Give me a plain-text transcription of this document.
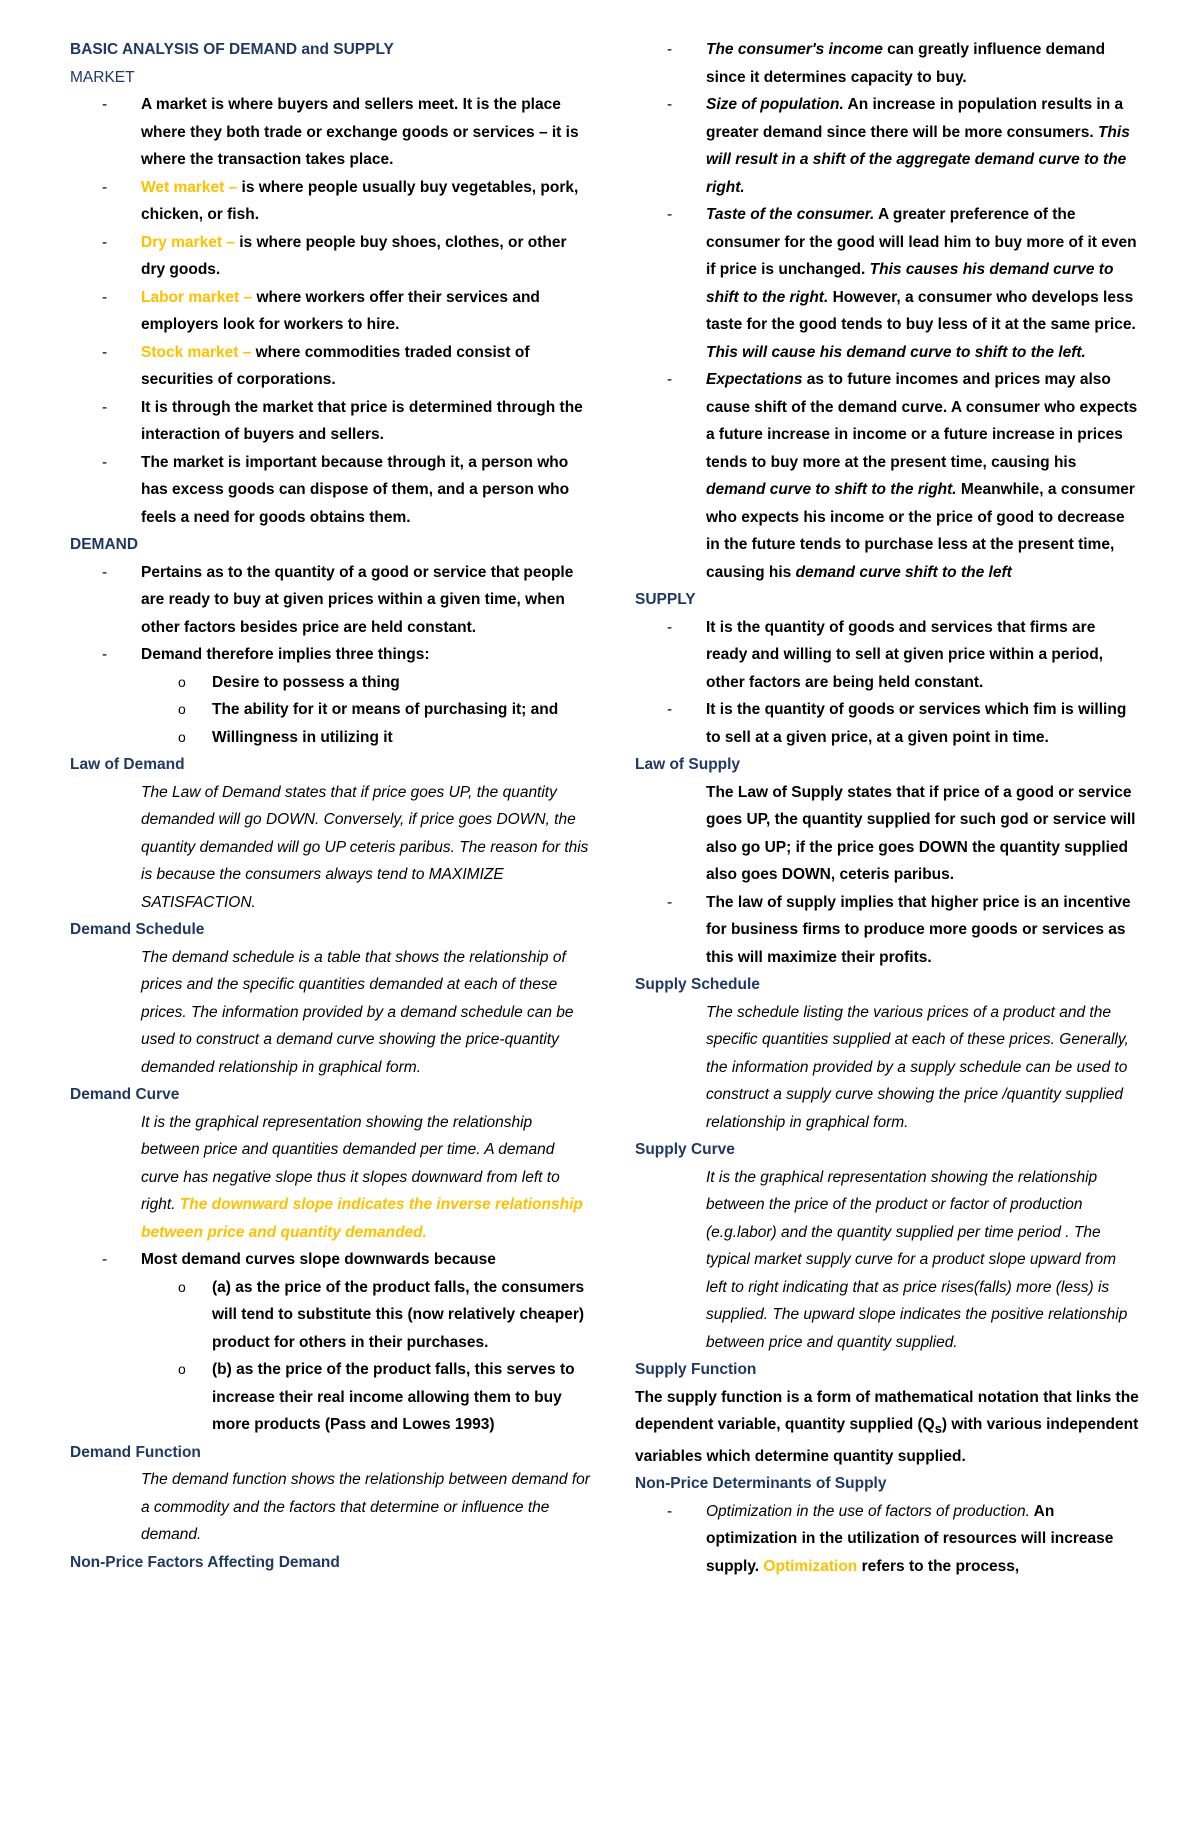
BASIC ANALYSIS OF DEMAND and SUPPLY
MARKET
- A market is where buyers and sellers meet. It is the place where they both trade or exchange goods or services – it is where the transaction takes place.
- Wet market – is where people usually buy vegetables, pork, chicken, or fish.
- Dry market – is where people buy shoes, clothes, or other dry goods.
- Labor market – where workers offer their services and employers look for workers to hire.
- Stock market – where commodities traded consist of securities of corporations.
- It is through the market that price is determined through the interaction of buyers and sellers.
- The market is important because through it, a person who has excess goods can dispose of them, and a person who feels a need for goods obtains them.
DEMAND
- Pertains as to the quantity of a good or service that people are ready to buy at given prices within a given time, when other factors besides price are held constant.
- Demand therefore implies three things:
o Desire to possess a thing
o The ability for it or means of purchasing it; and
o Willingness in utilizing it
Law of Demand
The Law of Demand states that if price goes UP, the quantity demanded will go DOWN. Conversely, if price goes DOWN, the quantity demanded will go UP ceteris paribus. The reason for this is because the consumers always tend to MAXIMIZE SATISFACTION.
Demand Schedule
The demand schedule is a table that shows the relationship of prices and the specific quantities demanded at each of these prices. The information provided by a demand schedule can be used to construct a demand curve showing the price-quantity demanded relationship in graphical form.
Demand Curve
It is the graphical representation showing the relationship between price and quantities demanded per time. A demand curve has negative slope thus it slopes downward from left to right. The downward slope indicates the inverse relationship between price and quantity demanded.
- Most demand curves slope downwards because
o (a) as the price of the product falls, the consumers will tend to substitute this (now relatively cheaper) product for others in their purchases.
o (b) as the price of the product falls, this serves to increase their real income allowing them to buy more products (Pass and Lowes 1993)
Demand Function
The demand function shows the relationship between demand for a commodity and the factors that determine or influence the demand.
Non-Price Factors Affecting Demand
- The consumer's income can greatly influence demand since it determines capacity to buy.
- Size of population. An increase in population results in a greater demand since there will be more consumers. This will result in a shift of the aggregate demand curve to the right.
- Taste of the consumer. A greater preference of the consumer for the good will lead him to buy more of it even if price is unchanged. This causes his demand curve to shift to the right. However, a consumer who develops less taste for the good tends to buy less of it at the same price. This will cause his demand curve to shift to the left.
- Expectations as to future incomes and prices may also cause shift of the demand curve. A consumer who expects a future increase in income or a future increase in prices tends to buy more at the present time, causing his demand curve to shift to the right. Meanwhile, a consumer who expects his income or the price of good to decrease in the future tends to purchase less at the present time, causing his demand curve shift to the left
SUPPLY
- It is the quantity of goods and services that firms are ready and willing to sell at given price within a period, other factors are being held constant.
- It is the quantity of goods or services which fim is willing to sell at a given price, at a given point in time.
Law of Supply
The Law of Supply states that if price of a good or service goes UP, the quantity supplied for such god or service will also go UP; if the price goes DOWN the quantity supplied also goes DOWN, ceteris paribus.
- The law of supply implies that higher price is an incentive for business firms to produce more goods or services as this will maximize their profits.
Supply Schedule
The schedule listing the various prices of a product and the specific quantities supplied at each of these prices. Generally, the information provided by a supply schedule can be used to construct a supply curve showing the price /quantity supplied relationship in graphical form.
Supply Curve
It is the graphical representation showing the relationship between the price of the product or factor of production (e.g.labor) and the quantity supplied per time period . The typical market supply curve for a product slope upward from left to right indicating that as price rises(falls) more (less) is supplied. The upward slope indicates the positive relationship between price and quantity supplied.
Supply Function
The supply function is a form of mathematical notation that links the dependent variable, quantity supplied $(Q_s)$ with various independent variables which determine quantity supplied.
Non-Price Determinants of Supply
- Optimization in the use of factors of production. An optimization in the utilization of resources will increase supply. Optimization refers to the process,
